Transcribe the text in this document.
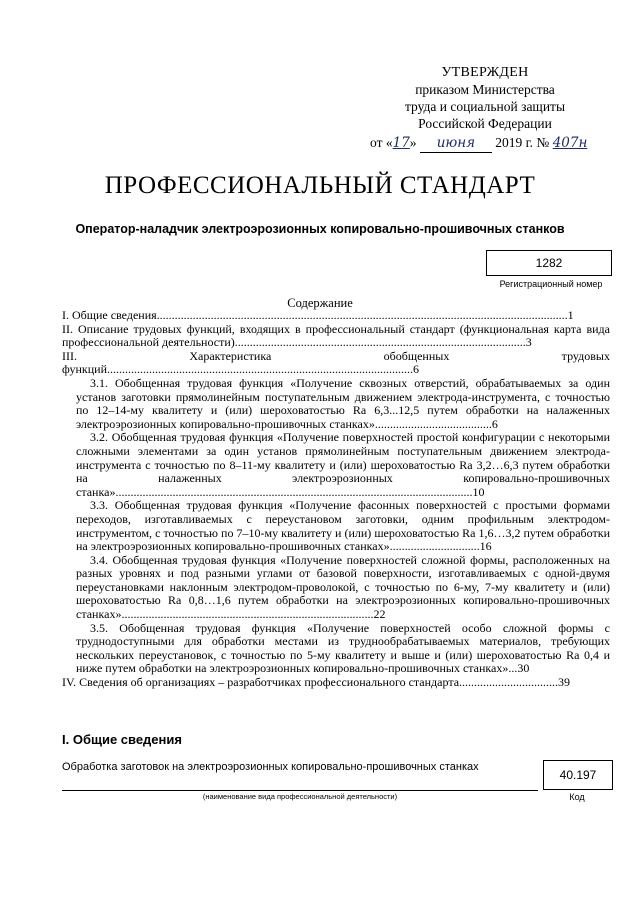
УТВЕРЖДЕН
приказом Министерства
труда и социальной защиты
Российской Федерации
от «17» июня 2019 г. № 407н
ПРОФЕССИОНАЛЬНЫЙ СТАНДАРТ
Оператор-наладчик электроэрозионных копировально-прошивочных станков
1282
Регистрационный номер
Содержание
I. Общие сведения.........................................................................................................................................1
II. Описание трудовых функций, входящих в профессиональный стандарт (функциональная карта вида профессиональной деятельности).................................................................................................3
III. Характеристика обобщенных трудовых функций......................................................................................................6
3.1. Обобщенная трудовая функция «Получение сквозных отверстий, обрабатываемых за один установ заготовки прямолинейным поступательным движением электрода-инструмента, с точностью по 12–14-му квалитету и (или) шероховатостью Ra 6,3...12,5 путем обработки на налаженных электроэрозионных копировально-прошивочных станках».......................................6
3.2. Обобщенная трудовая функция «Получение поверхностей простой конфигурации с некоторыми сложными элементами за один установ прямолинейным поступательным движением электрода-инструмента с точностью по 8–11-му квалитету и (или) шероховатостью Ra 3,2…6,3 путем обработки на налаженных электроэрозионных копировально-прошивочных станка».......................................................................................................................10
3.3. Обобщенная трудовая функция «Получение фасонных поверхностей с простыми формами переходов, изготавливаемых с переустановом заготовки, одним профильным электродом-инструментом, с точностью по 7–10-му квалитету и (или) шероховатостью Ra 1,6…3,2 путем обработки на электроэрозионных копировально-прошивочных станках»..............................16
3.4. Обобщенная трудовая функция «Получение поверхностей сложной формы, расположенных на разных уровнях и под разными углами от базовой поверхности, изготавливаемых с одной-двумя переустановками наклонным электродом-проволокой, с точностью по 6-му, 7-му квалитету и (или) шероховатостью Ra 0,8…1,6 путем обработки на электроэрозионных копировально-прошивочных станках»....................................................................................22
3.5. Обобщенная трудовая функция «Получение поверхностей особо сложной формы с труднодоступными для обработки местами из труднообрабатываемых материалов, требующих нескольких переустановок, с точностью по 5-му квалитету и выше и (или) шероховатостью Ra 0,4 и ниже путем обработки на электроэрозионных копировально-прошивочных станках»...30
IV. Сведения об организациях – разработчиках профессионального стандарта.................................39
I. Общие сведения
Обработка заготовок на электроэрозионных копировально-прошивочных станках
(наименование вида профессиональной деятельности)
40.197
Код
